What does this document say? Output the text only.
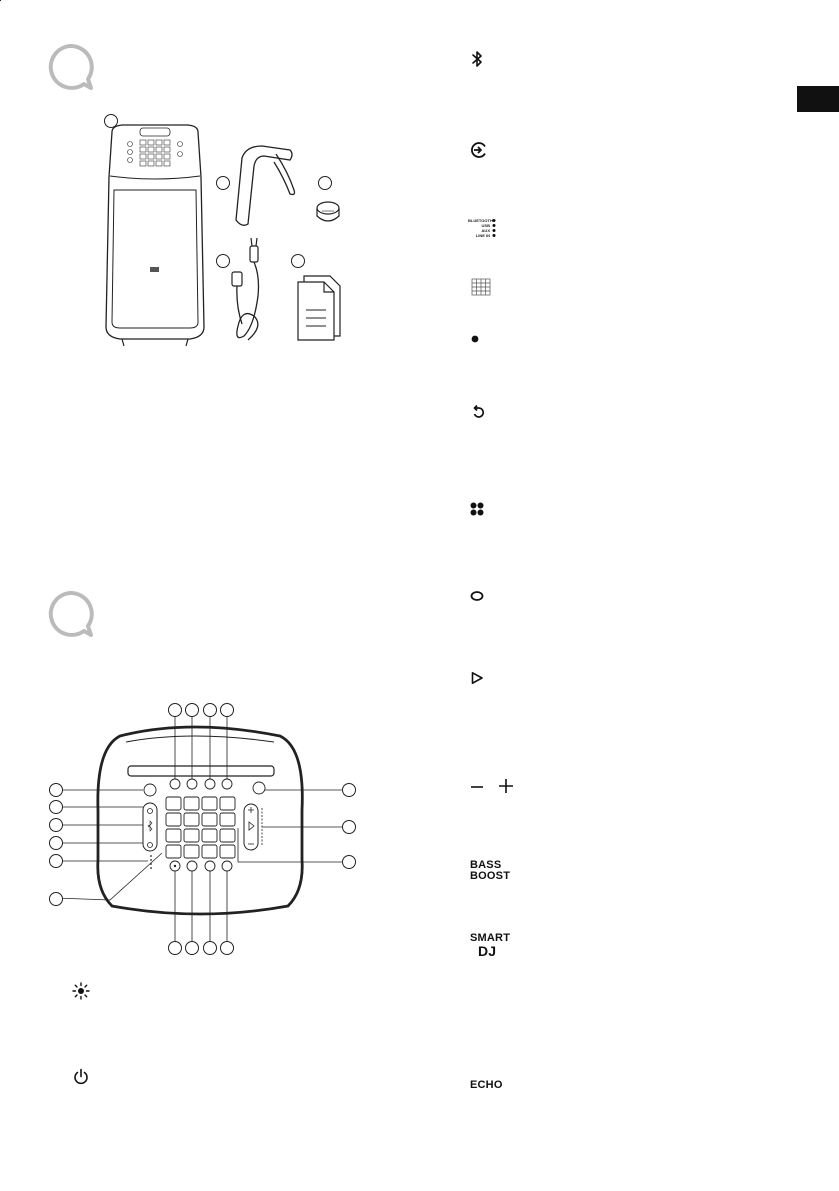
BLUETOOTH
USB
AUX
LINE IN
BASS
BOOST
SMART
DJ
ECHO
